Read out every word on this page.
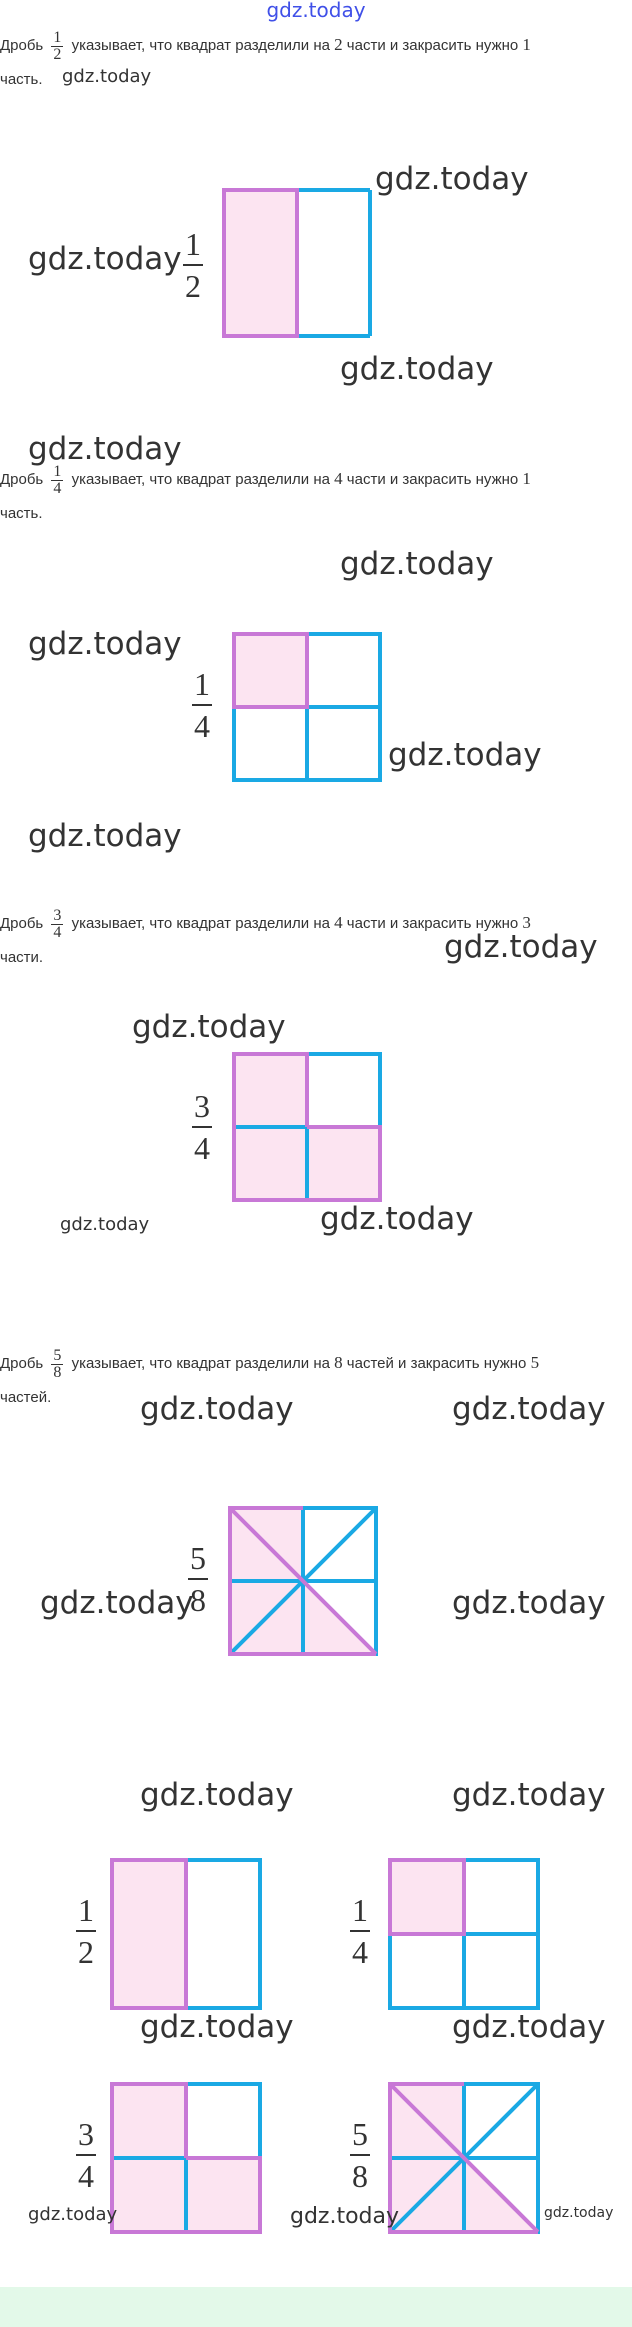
gdz.today
Дробь $\frac{1}{2}$ указывает, что квадрат разделили на 2 части и закрасить нужно 1
часть.	gdz.today
gdz.today 1
2
gdz.today
gdz.today
gdz.today
Дробь $\frac{1}{4}$ указывает, что квадрат разделили на 4 части и закрасить нужно 1
часть.
gdz.today
gdz.today
1
4
gdz.today
gdz.today
Дробь $\frac{3}{4}$ указывает, что квадрат разделили на 4 части и закрасить нужно 3
части.	gdz.today
gdz.today
3
4
gdz.today	gdz.today
Дробь $\frac{5}{8}$ указывает, что квадрат разделили на 8 частей и закрасить нужно 5
частей.	gdz.today	gdz.today
5
8
gdz.today	gdz.today
gdz.today	gdz.today
1
2
1
4
gdz.today	gdz.today
3
4
5
8
gdz.today	gdz.today	gdz.today
